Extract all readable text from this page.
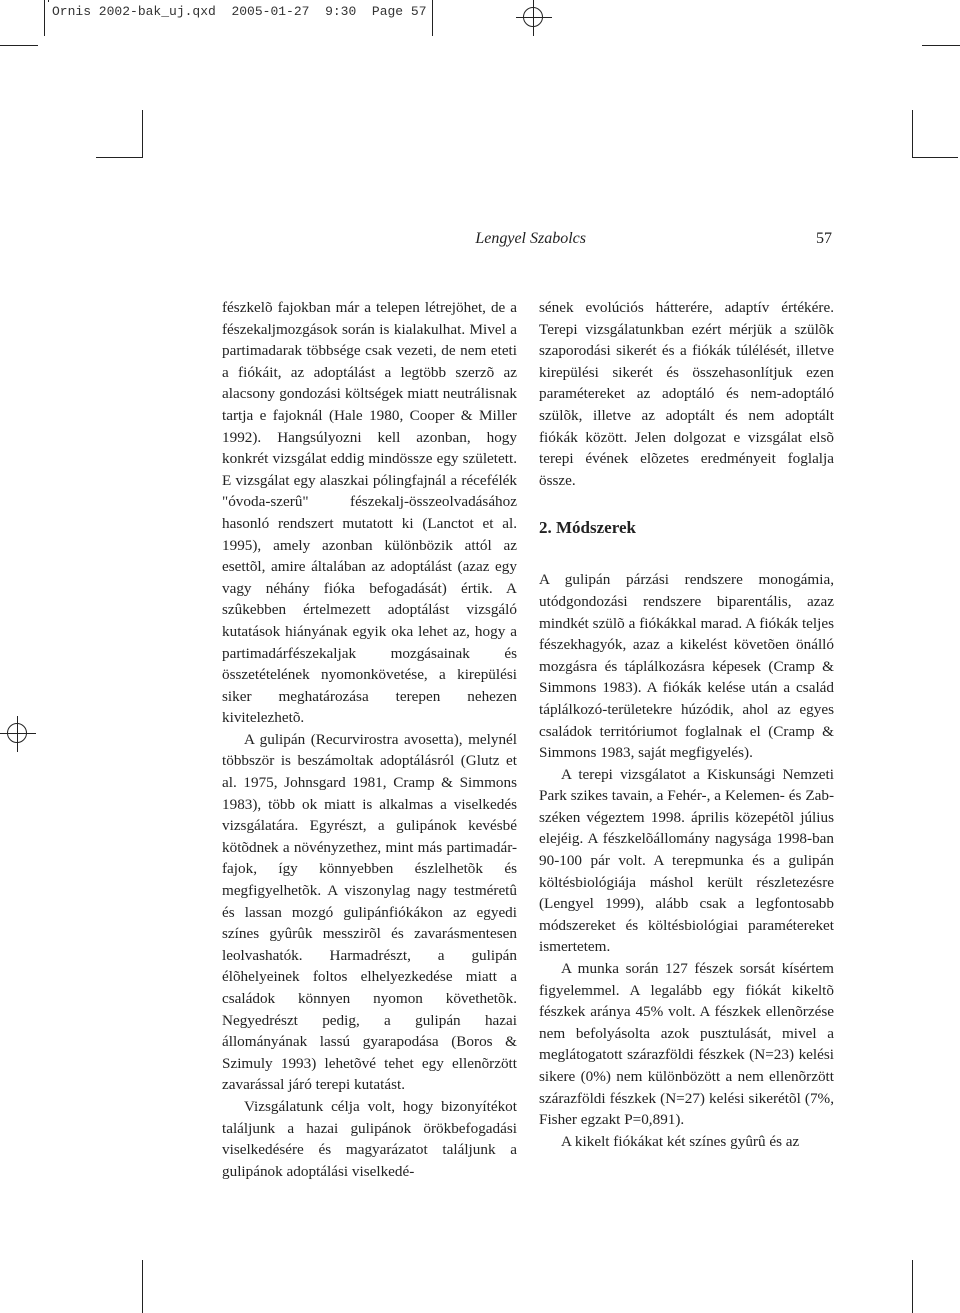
Ornis 2002-bak_uj.qxd 2005-01-27 9:30 Page 57
Lengyel Szabolcs	57

fészkelõ fajokban már a telepen létrejöhet, de a fészekaljmozgások során is kialakulhat. Mivel a partimadarak többsége csak vezeti, de nem eteti a fiókáit, az adoptálást a legtöbb szerzõ az alacsony gondozási költségek miatt neutrálisnak tartja e fajoknál (Hale 1980, Cooper & Miller 1992). Hangsúlyozni kell azonban, hogy konkrét vizsgálat eddig mindössze egy született. E vizsgálat egy alaszkai pólingfajnál a récefélék "óvoda-szerû" fészekalj-összeolvadásához hasonló rendszert mutatott ki (Lanctot et al. 1995), amely azonban különbözik attól az esettõl, amire általában az adoptálást (azaz egy vagy néhány fióka befogadását) értik. A szûkebben értelmezett adoptálást vizsgáló kutatások hiányának egyik oka lehet az, hogy a partimadárfészekaljak mozgásainak és összetételének nyomonkövetése, a kirepülési siker meghatározása terepen nehezen kivitelezhetõ.

A gulipán (Recurvirostra avosetta), melynél többször is beszámoltak adoptálásról (Glutz et al. 1975, Johnsgard 1981, Cramp & Simmons 1983), több ok miatt is alkalmas a viselkedés vizsgálatára. Egyrészt, a gulipánok kevésbé kötõdnek a növényzethez, mint más partimadár-fajok, így könnyebben észlelhetõk és megfigyelhetõk. A viszonylag nagy testméretû és lassan mozgó gulipánfiókákon az egyedi színes gyûrûk messzirõl és zavarásmentesen leolvashatók. Harmadrészt, a gulipán élõhelyeinek foltos elhelyezkedése miatt a családok könnyen nyomon követhetõk. Negyedrészt pedig, a gulipán hazai állományának lassú gyarapodása (Boros & Szimuly 1993) lehetõvé tehet egy ellenõrzött zavarással járó terepi kutatást.

Vizsgálatunk célja volt, hogy bizonyítékot találjunk a hazai gulipánok örökbefogadási viselkedésére és magyarázatot találjunk a gulipánok adoptálási viselkedé-

sének evolúciós hátterére, adaptív értékére. Terepi vizsgálatunkban ezért mérjük a szülõk szaporodási sikerét és a fiókák túlélését, illetve kirepülési sikerét és összehasonlítjuk ezen paramétereket az adoptáló és nem-adoptáló szülõk, illetve az adoptált és nem adoptált fiókák között. Jelen dolgozat e vizsgálat elsõ terepi évének elõzetes eredményeit foglalja össze.

2. Módszerek

A gulipán párzási rendszere monogámia, utódgondozási rendszere biparentális, azaz mindkét szülõ a fiókákkal marad. A fiókák teljes fészekhagyók, azaz a kikelést követõen önálló mozgásra és táplálkozásra képesek (Cramp & Simmons 1983). A fiókák kelése után a család táplálkozó-területekre húzódik, ahol az egyes családok territóriumot foglalnak el (Cramp & Simmons 1983, saját megfigyelés).

A terepi vizsgálatot a Kiskunsági Nemzeti Park szikes tavain, a Fehér-, a Kelemen- és Zab-széken végeztem 1998. április közepétõl július elejéig. A fészkelõállomány nagysága 1998-ban 90-100 pár volt. A terepmunka és a gulipán költésbiológiája máshol került részletezésre (Lengyel 1999), alább csak a legfontosabb módszereket és költésbiológiai paramétereket ismertetem.

A munka során 127 fészek sorsát kísértem figyelemmel. A legalább egy fiókát kikeltõ fészkek aránya 45% volt. A fészkek ellenõrzése nem befolyásolta azok pusztulását, mivel a meglátogatott szárazföldi fészkek (N=23) kelési sikere (0%) nem különbözött a nem ellenõrzött szárazföldi fészkek (N=27) kelési sikerétõl (7%, Fisher egzakt P=0,891).

A kikelt fiókákat két színes gyûrû és az
